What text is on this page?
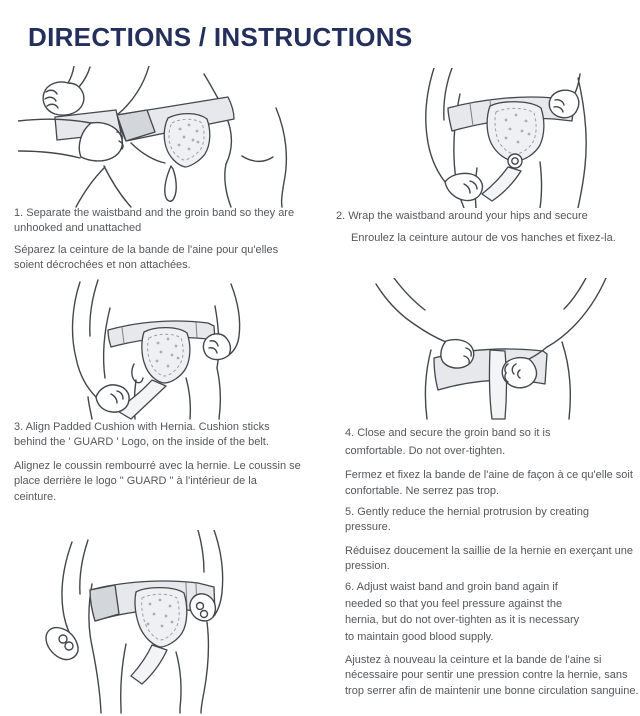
DIRECTIONS / INSTRUCTIONS

1. Separate the waistband and the groin band so they are unhooked and unattached

Séparez la ceinture de la bande de l'aine pour qu'elles soient décrochées et non attachées.

2. Wrap the waistband around your hips and secure

Enroulez la ceinture autour de vos hanches et fixez-la.

3. Align Padded Cushion with Hernia. Cushion sticks behind the ' GUARD ' Logo, on the inside of the belt.

Alignez le coussin rembourré avec la hernie. Le coussin se place derrière le logo " GUARD " à l'intérieur de la ceinture.

4. Close and secure the groin band so it is comfortable. Do not over-tighten.

Fermez et fixez la bande de l'aine de façon à ce qu'elle soit confortable. Ne serrez pas trop.

5. Gently reduce the hernial protrusion by creating pressure.

Réduisez doucement la saillie de la hernie en exerçant une pression.

6. Adjust waist band and groin band again if needed so that you feel pressure against the hernia, but do not over-tighten as it is necessary to maintain good blood supply.

Ajustez à nouveau la ceinture et la bande de l'aine si nécessaire pour sentir une pression contre la hernie, sans trop serrer afin de maintenir une bonne circulation sanguine.
